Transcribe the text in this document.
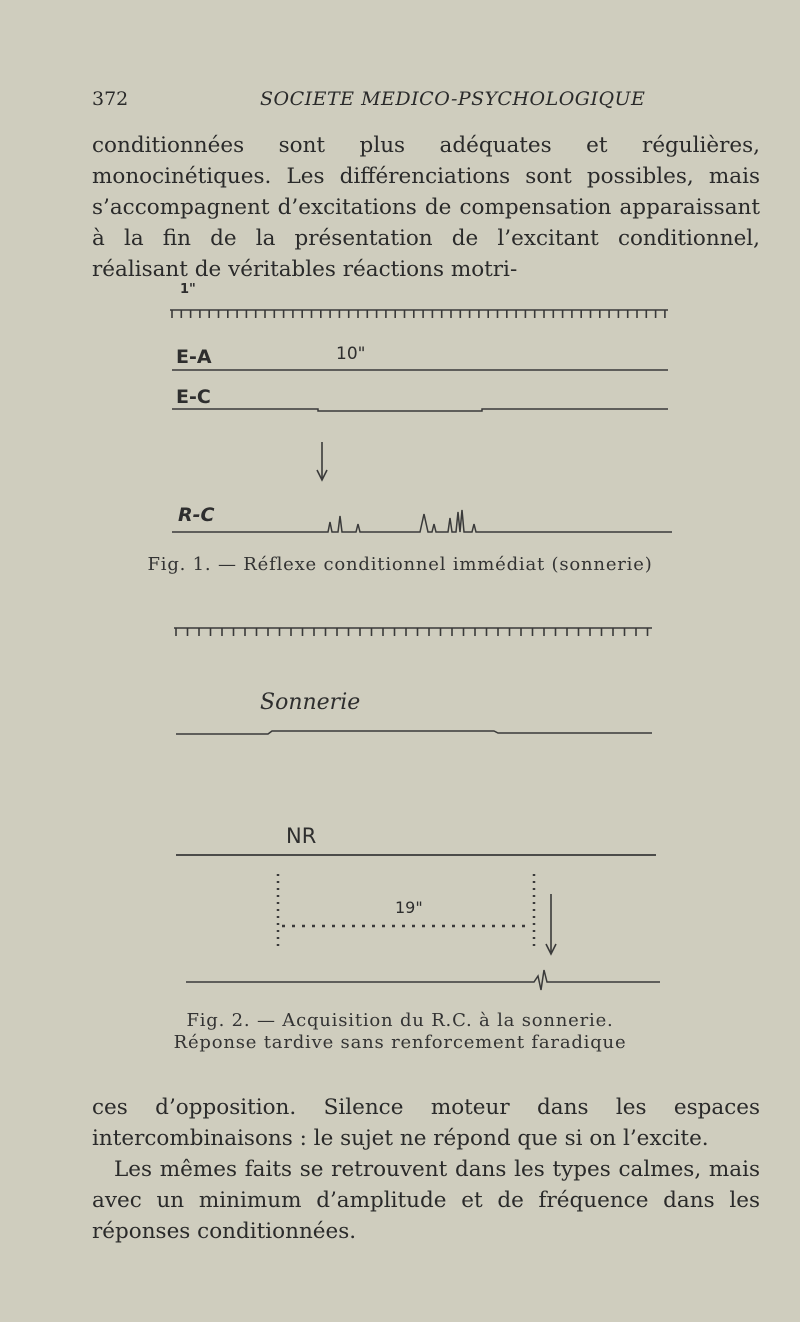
372	SOCIETE MEDICO-PSYCHOLOGIQUE

conditionnées sont plus adéquates et régulières, monocinétiques. Les différenciations sont possibles, mais s’accompagnent d’excitations de compensation apparaissant à la fin de la présentation de l’excitant conditionnel, réalisant de véritables réactions motri-

1"
E-A	10"
E-C
R-C
Fig. 1. — Réflexe conditionnel immédiat (sonnerie)
Sonnerie
NR
19"
Fig. 2. — Acquisition du R.C. à la sonnerie.
Réponse tardive sans renforcement faradique

ces d’opposition. Silence moteur dans les espaces intercombinaisons : le sujet ne répond que si on l’excite.

Les mêmes faits se retrouvent dans les types calmes, mais avec un minimum d’amplitude et de fréquence dans les réponses conditionnées.
